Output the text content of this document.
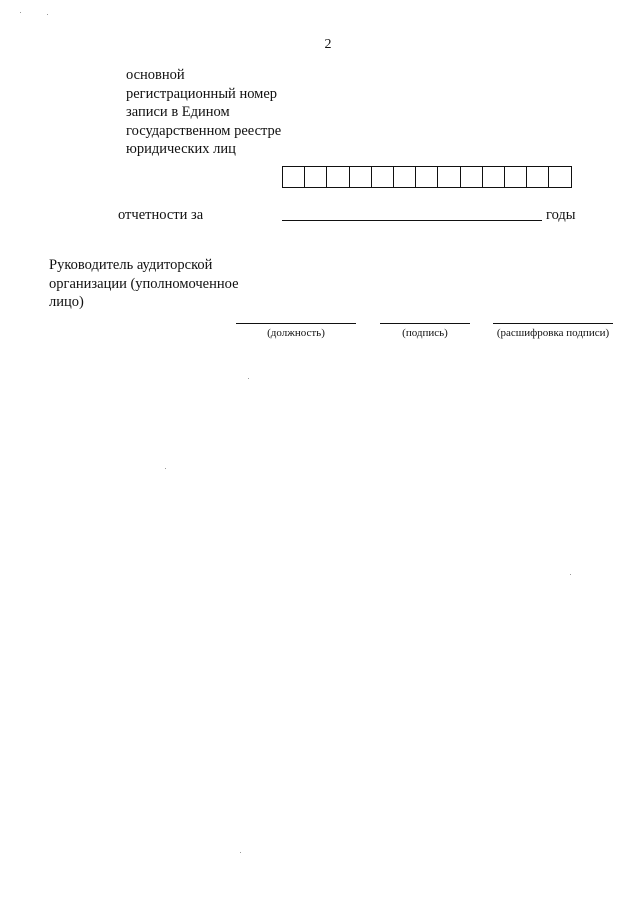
2
основной регистрационный номер записи в Едином государственном реестре юридических лиц
отчетности за	годы
Руководитель аудиторской организации (уполномоченное лицо)
(должность)	(подпись)	(расшифровка подписи)
